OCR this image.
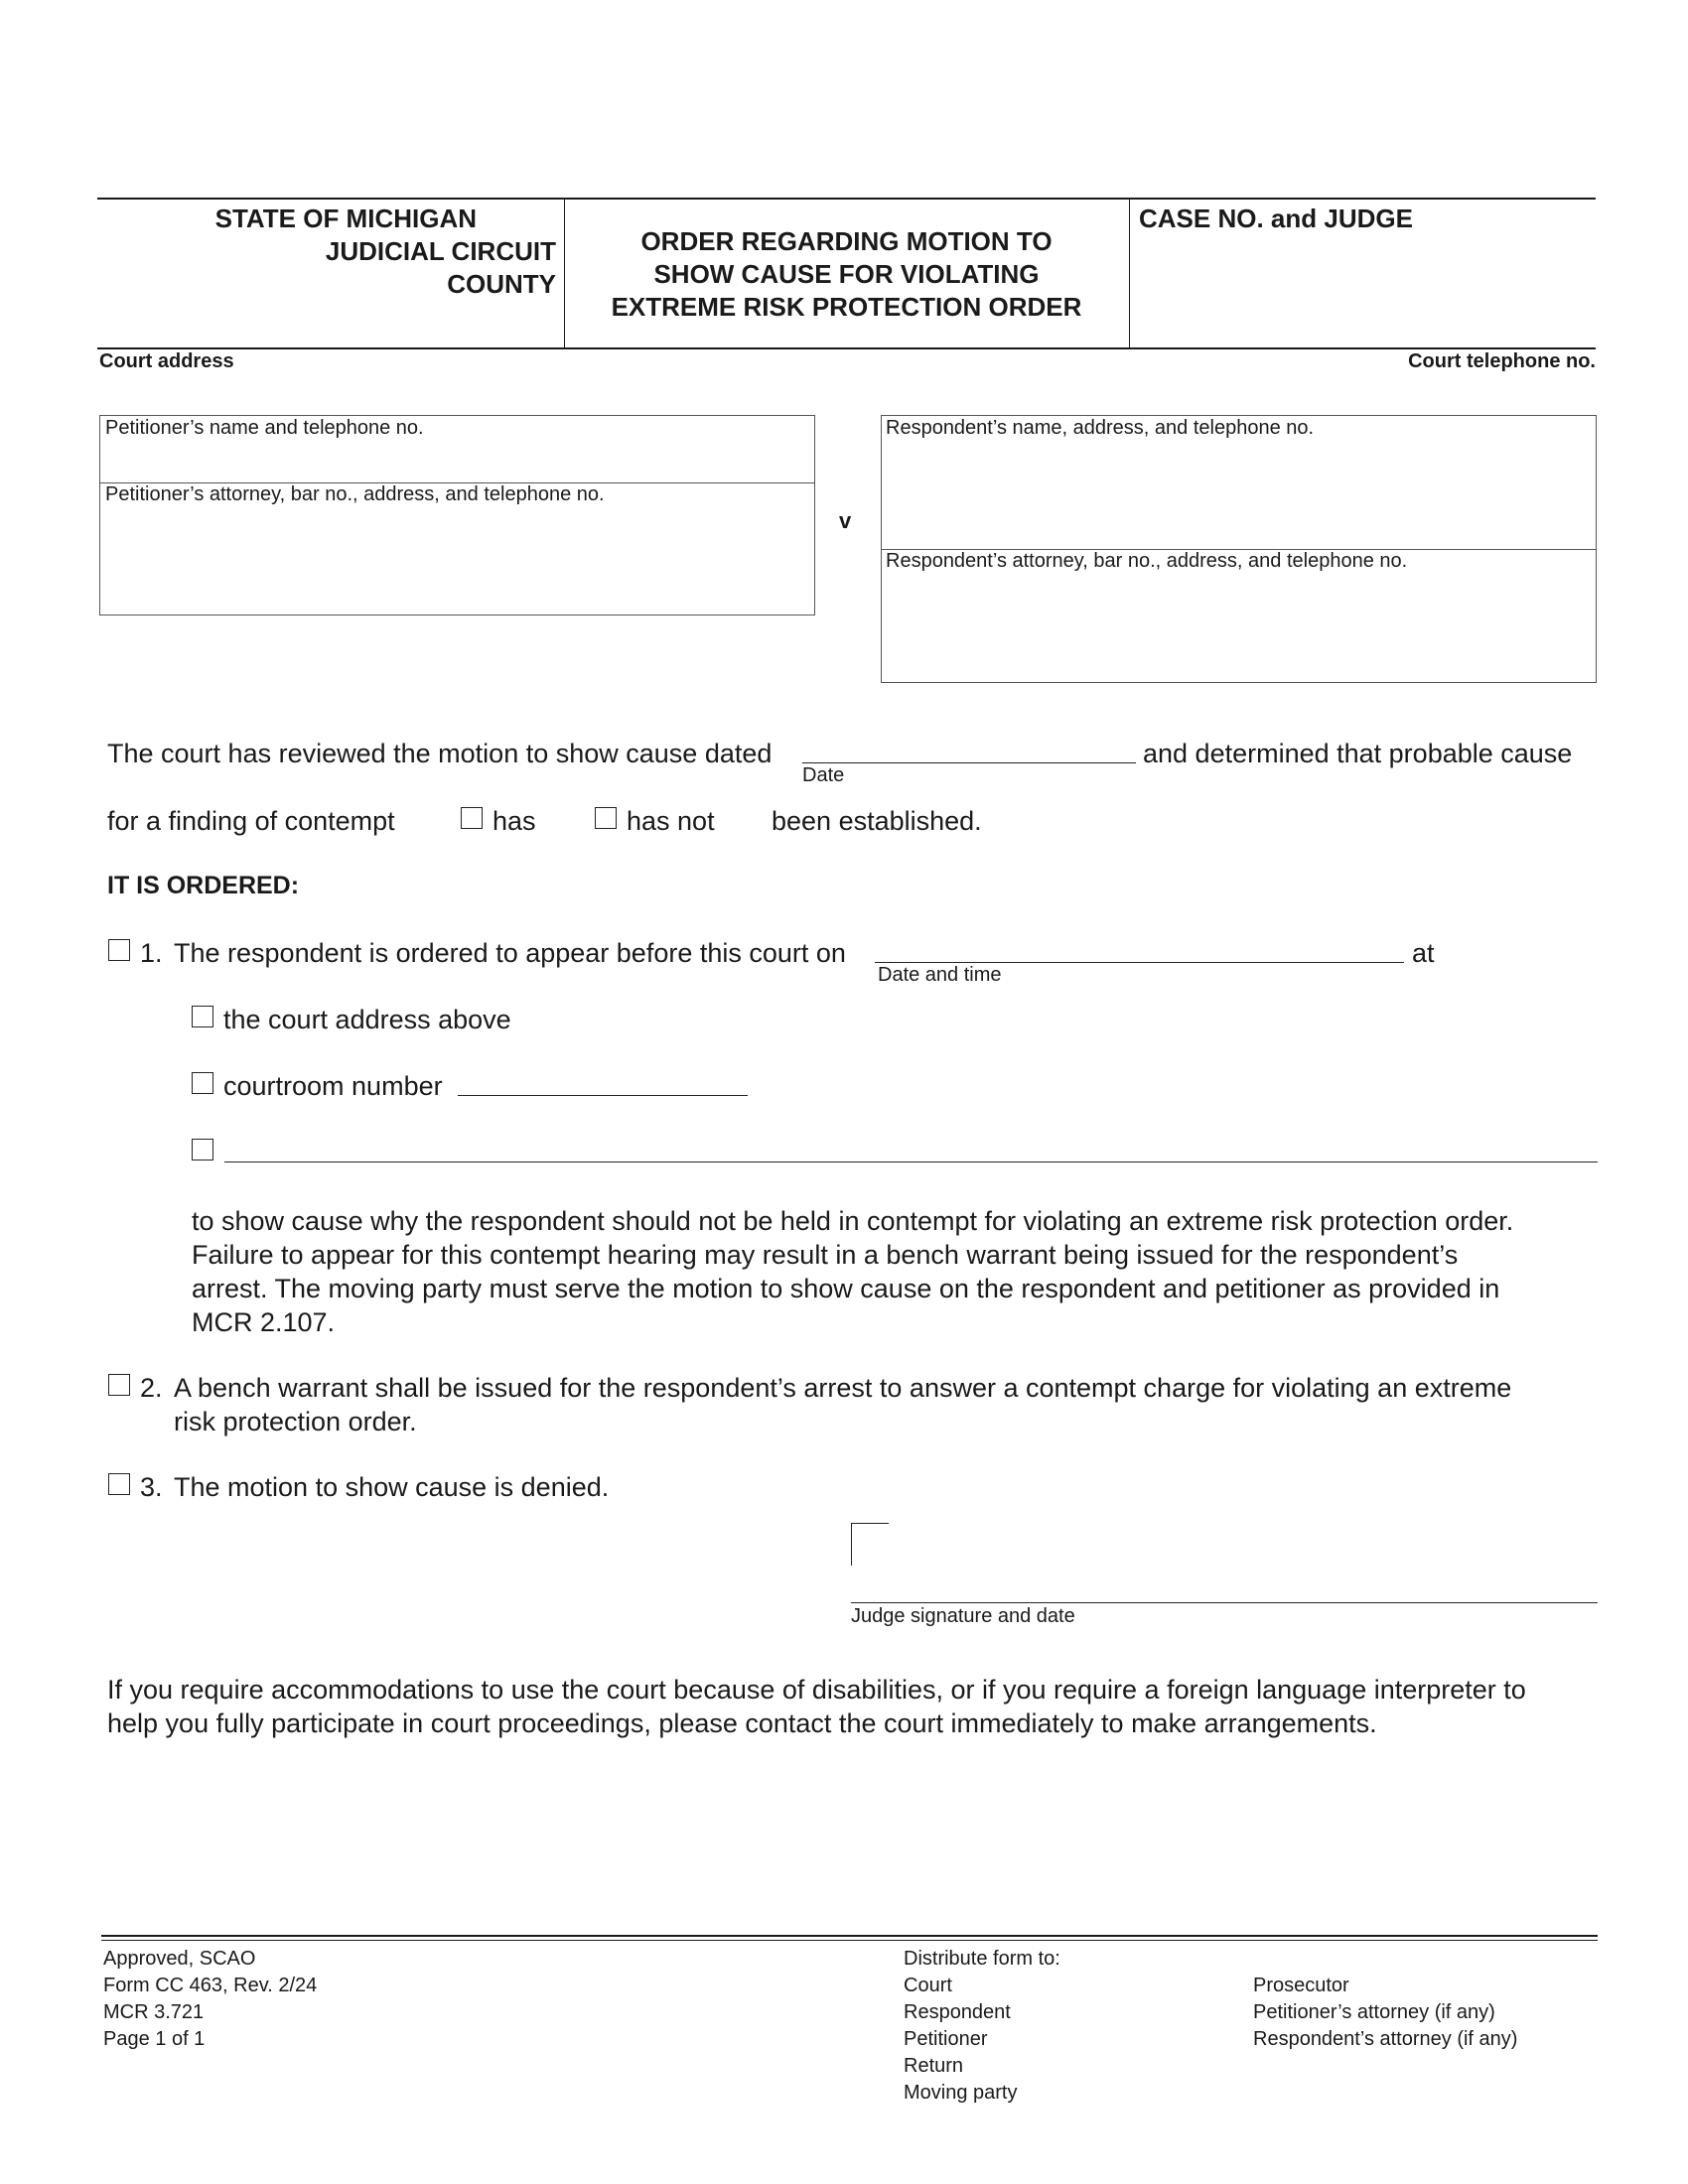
STATE OF MICHIGAN
JUDICIAL CIRCUIT
COUNTY
ORDER REGARDING MOTION TO
SHOW CAUSE FOR VIOLATING
EXTREME RISK PROTECTION ORDER
CASE NO. and JUDGE
Court address	Court telephone no.
Petitioner’s name and telephone no.
Petitioner’s attorney, bar no., address, and telephone no.
v
Respondent’s name, address, and telephone no.
Respondent’s attorney, bar no., address, and telephone no.
The court has reviewed the motion to show cause dated
Date
and determined that probable cause
for a finding of contempt	has	has not been established.
IT IS ORDERED:
1. The respondent is ordered to appear before this court on
Date and time
at
the court address above
courtroom number
to show cause why the respondent should not be held in contempt for violating an extreme risk protection order.
Failure to appear for this contempt hearing may result in a bench warrant being issued for the respondent’s
arrest. The moving party must serve the motion to show cause on the respondent and petitioner as provided in
MCR 2.107.
2. A bench warrant shall be issued for the respondent’s arrest to answer a contempt charge for violating an extreme
risk protection order.
3. The motion to show cause is denied.
Judge signature and date
If you require accommodations to use the court because of disabilities, or if you require a foreign language interpreter to
help you fully participate in court proceedings, please contact the court immediately to make arrangements.
Approved, SCAO
Form CC 463, Rev. 2/24
MCR 3.721
Page 1 of 1
Distribute form to:
Court
Respondent
Petitioner
Return
Moving party
Prosecutor
Petitioner’s attorney (if any)
Respondent’s attorney (if any)
